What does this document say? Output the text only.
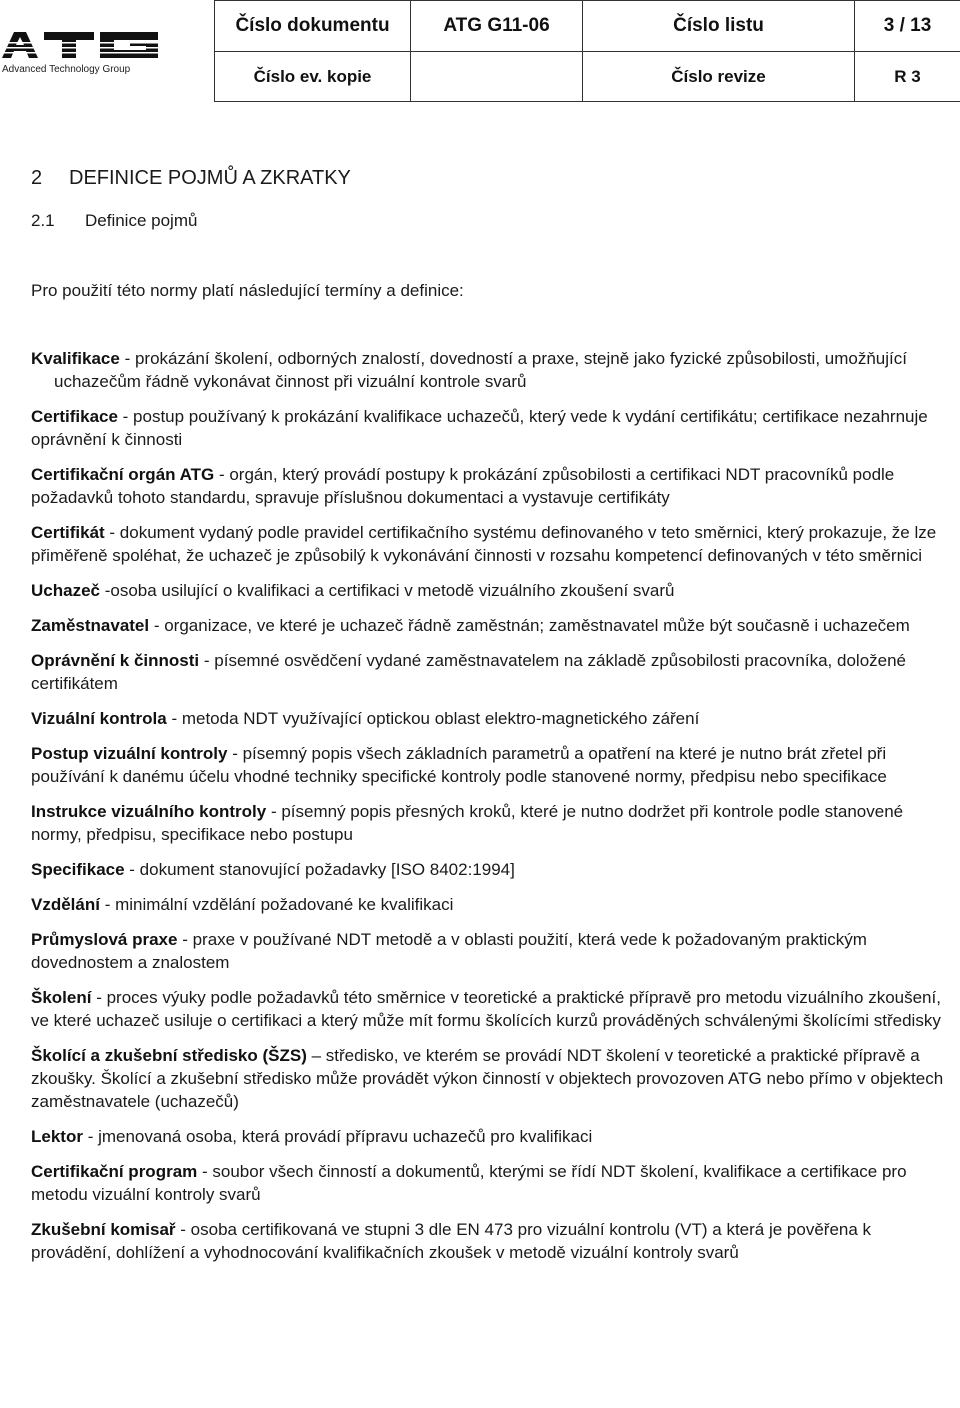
Advanced Technology Group
Číslo dokumentu	ATG G11-06	Číslo listu	3 / 13
Číslo ev. kopie		Číslo revize	R 3
2 DEFINICE POJMŮ A ZKRATKY
2.1 Definice pojmů
Pro použití této normy platí následující termíny a definice:

Kvalifikace - prokázání školení, odborných znalostí, dovedností a praxe, stejně jako fyzické způsobilosti, umožňující uchazečům řádně vykonávat činnost při vizuální kontrole svarů

Certifikace - postup používaný k prokázání kvalifikace uchazečů, který vede k vydání certifikátu; certifikace nezahrnuje oprávnění k činnosti

Certifikační orgán ATG - orgán, který provádí postupy k prokázání způsobilosti a certifikaci NDT pracovníků podle požadavků tohoto standardu, spravuje příslušnou dokumentaci a vystavuje certifikáty

Certifikát - dokument vydaný podle pravidel certifikačního systému definovaného v teto směrnici, který prokazuje, že lze přiměřeně spoléhat, že uchazeč je způsobilý k vykonávání činnosti v rozsahu kompetencí definovaných v této směrnici

Uchazeč -osoba usilující o kvalifikaci a certifikaci v metodě vizuálního zkoušení svarů

Zaměstnavatel - organizace, ve které je uchazeč řádně zaměstnán; zaměstnavatel může být současně i uchazečem

Oprávnění k činnosti - písemné osvědčení vydané zaměstnavatelem na základě způsobilosti pracovníka, doložené certifikátem

Vizuální kontrola - metoda NDT využívající optickou oblast elektro-magnetického záření

Postup vizuální kontroly - písemný popis všech základních parametrů a opatření na které je nutno brát zřetel při používání k danému účelu vhodné techniky specifické kontroly podle stanovené normy, předpisu nebo specifikace

Instrukce vizuálního kontroly - písemný popis přesných kroků, které je nutno dodržet při kontrole podle stanovené normy, předpisu, specifikace nebo postupu

Specifikace - dokument stanovující požadavky [ISO 8402:1994]

Vzdělání - minimální vzdělání požadované ke kvalifikaci

Průmyslová praxe - praxe v používané NDT metodě a v oblasti použití, která vede k požadovaným praktickým dovednostem a znalostem

Školení - proces výuky podle požadavků této směrnice v teoretické a praktické přípravě pro metodu vizuálního zkoušení, ve které uchazeč usiluje o certifikaci a který může mít formu školících kurzů prováděných schválenými školícími středisky

Školící a zkušební středisko (ŠZS) – středisko, ve kterém se provádí NDT školení v teoretické a praktické přípravě a zkoušky. Školící a zkušební středisko může provádět výkon činností v objektech provozoven ATG nebo přímo v objektech zaměstnavatele (uchazečů)

Lektor - jmenovaná osoba, která provádí přípravu uchazečů pro kvalifikaci

Certifikační program - soubor všech činností a dokumentů, kterými se řídí NDT školení, kvalifikace a certifikace pro metodu vizuální kontroly svarů

Zkušební komisař - osoba certifikovaná ve stupni 3 dle EN 473 pro vizuální kontrolu (VT) a která je pověřena k provádění, dohlížení a vyhodnocování kvalifikačních zkoušek v metodě vizuální kontroly svarů
